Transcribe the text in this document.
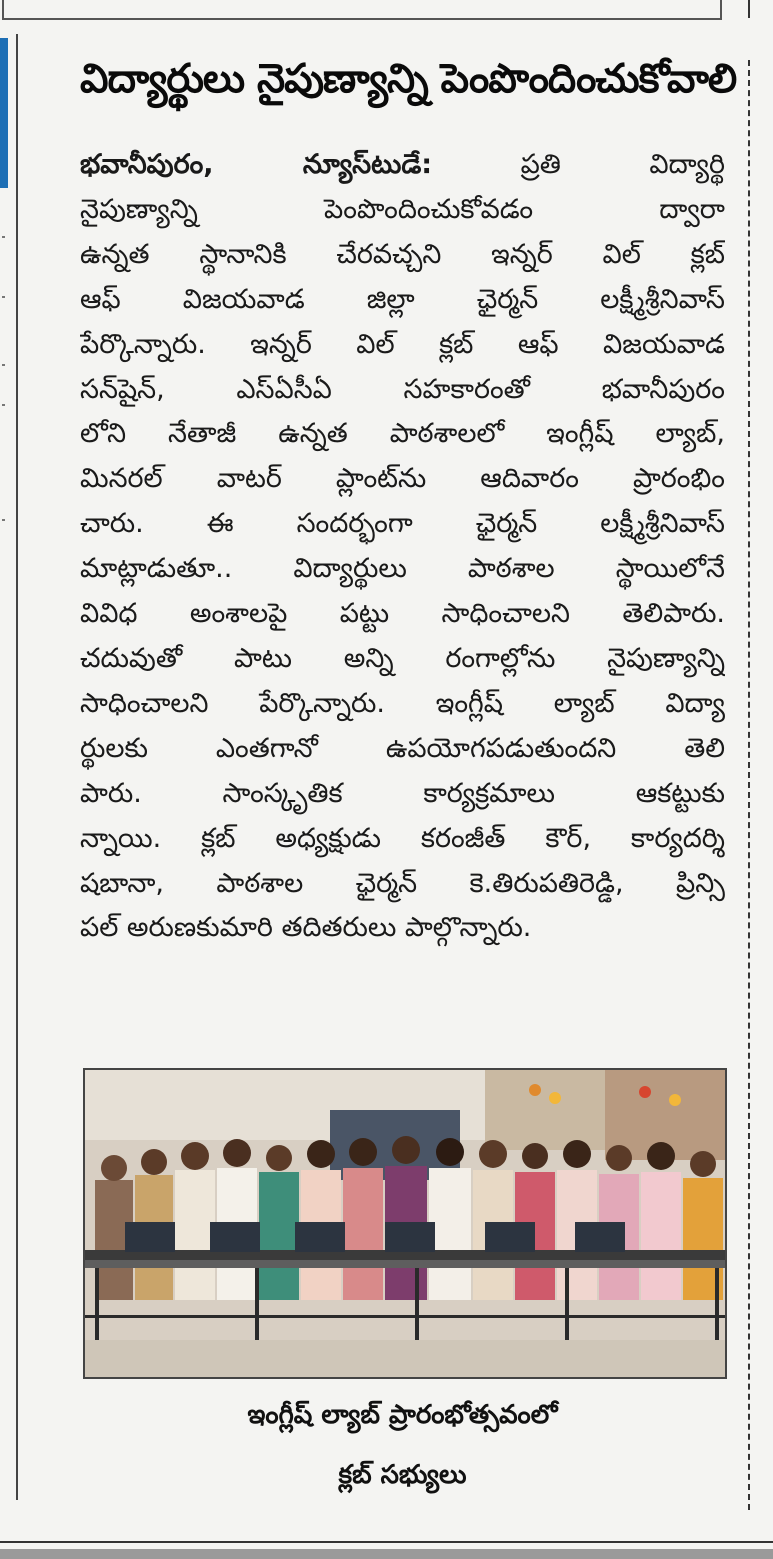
విద్యార్థులు నైపుణ్యాన్ని పెంపొందించుకోవాలి
భవానీపురం, న్యూస్‌టుడే:	ప్రతి విద్యార్థి
నైపుణ్యాన్ని పెంపొందించుకోవడం ద్వారా
ఉన్నత స్థానానికి చేరవచ్చని ఇన్నర్ విల్ క్లబ్
ఆఫ్ విజయవాడ జిల్లా ఛైర్మన్ లక్ష్మీశ్రీనివాస్
పేర్కొన్నారు. ఇన్నర్ విల్ క్లబ్ ఆఫ్ విజయవాడ
సన్‌షైన్, ఎస్ఏసీఏ సహకారంతో భవానీపురం
లోని నేతాజీ ఉన్నత పాఠశాలలో ఇంగ్లీష్ ల్యాబ్,
మినరల్ వాటర్ ప్లాంట్‌ను ఆదివారం ప్రారంభిం
చారు. ఈ సందర్భంగా ఛైర్మన్ లక్ష్మీశ్రీనివాస్
మాట్లాడుతూ.. విద్యార్థులు పాఠశాల స్థాయిలోనే
వివిధ అంశాలపై పట్టు సాధించాలని తెలిపారు.
చదువుతో పాటు అన్ని రంగాల్లోను నైపుణ్యాన్ని
సాధించాలని పేర్కొన్నారు. ఇంగ్లీష్ ల్యాబ్ విద్యా
ర్థులకు ఎంతగానో ఉపయోగపడుతుందని తెలి
పారు. సాంస్కృతిక కార్యక్రమాలు ఆకట్టుకు
న్నాయి. క్లబ్ అధ్యక్షుడు కరంజీత్ కౌర్, కార్యదర్శి
షబానా, పాఠశాల ఛైర్మన్ కె.తిరుపతిరెడ్డి, ప్రిన్సి
పల్ అరుణకుమారి తదితరులు పాల్గొన్నారు.
ఇంగ్లీష్ ల్యాబ్ ప్రారంభోత్సవంలో
క్లబ్ సభ్యులు
